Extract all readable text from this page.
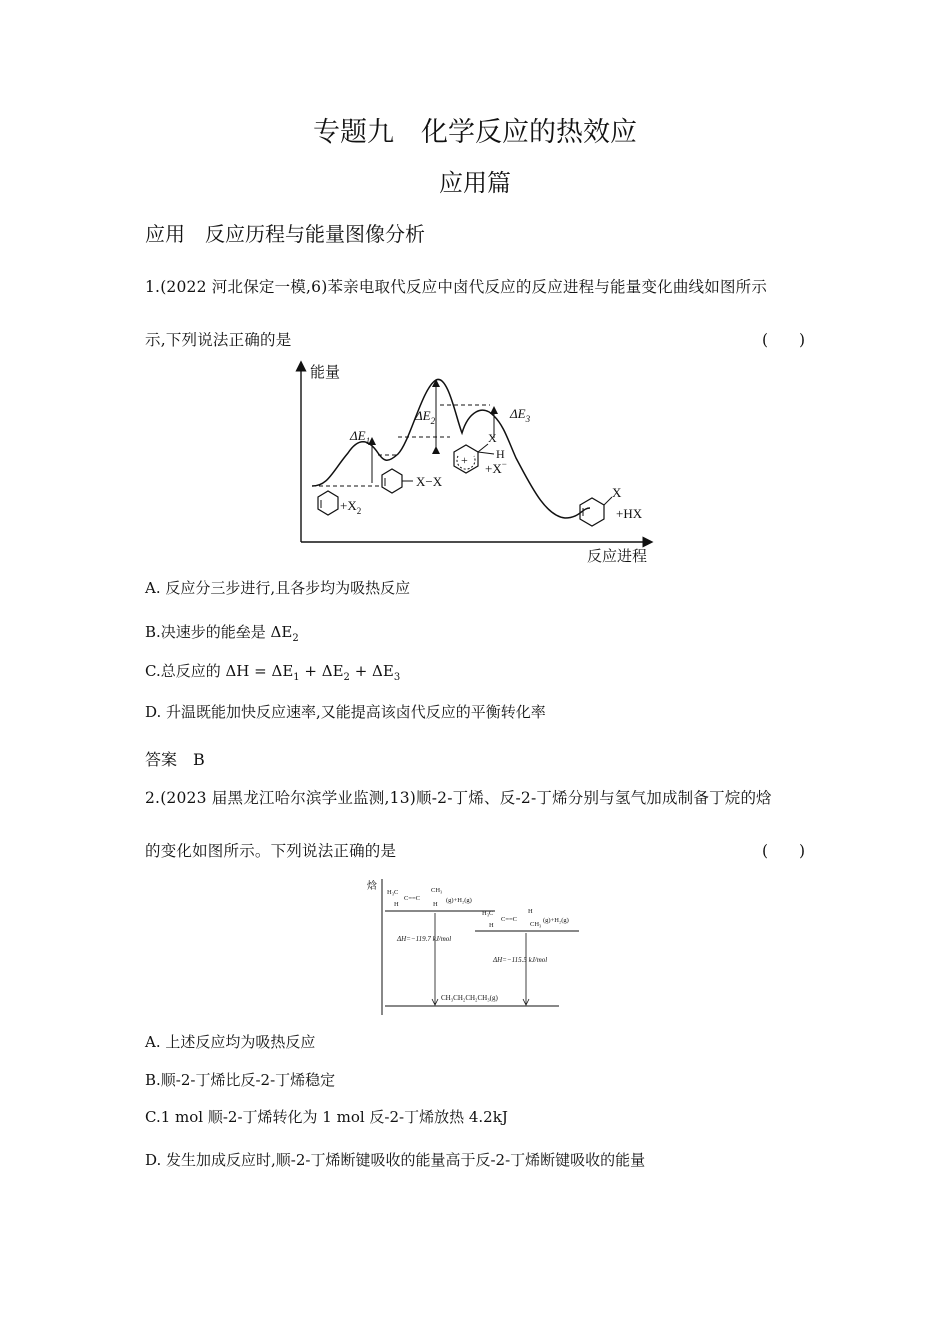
专题九　化学反应的热效应
应用篇
应用　反应历程与能量图像分析
1.(2022 河北保定一模,6)苯亲电取代反应中卤代反应的反应进程与能量变化曲线如图所示
示,下列说法正确的是	(　　)
能量
反应进程
$\Delta E_1$
$\Delta E_2$	$\Delta E_3$
$+X_2$
X−X
+
X
H
+X−
X
+HX
A. 反应分三步进行,且各步均为吸热反应
B.决速步的能垒是 $\Delta E_2$
C.总反应的 $\Delta H = \Delta E_1 + \Delta E_2 + \Delta E_3$
D. 升温既能加快反应速率,又能提高该卤代反应的平衡转化率
答案　B
2.(2023 届黑龙江哈尔滨学业监测,13)顺-2-丁烯、反-2-丁烯分别与氢气加成制备丁烷的焓
的变化如图所示。下列说法正确的是	(　　)
焓
H₃C
H
C==C
CH₃
H
(g)+H₂(g)
H₃C
H
C==C
H
CH₃
(g)+H₂(g)
CH₃CH₂CH₂CH₃(g)
ΔH=−119.7 kJ/mol
ΔH=−115.5 kJ/mol
A. 上述反应均为吸热反应
B.顺-2-丁烯比反-2-丁烯稳定
C.1 mol 顺-2-丁烯转化为 1 mol 反-2-丁烯放热 4.2kJ
D. 发生加成反应时,顺-2-丁烯断键吸收的能量高于反-2-丁烯断键吸收的能量
